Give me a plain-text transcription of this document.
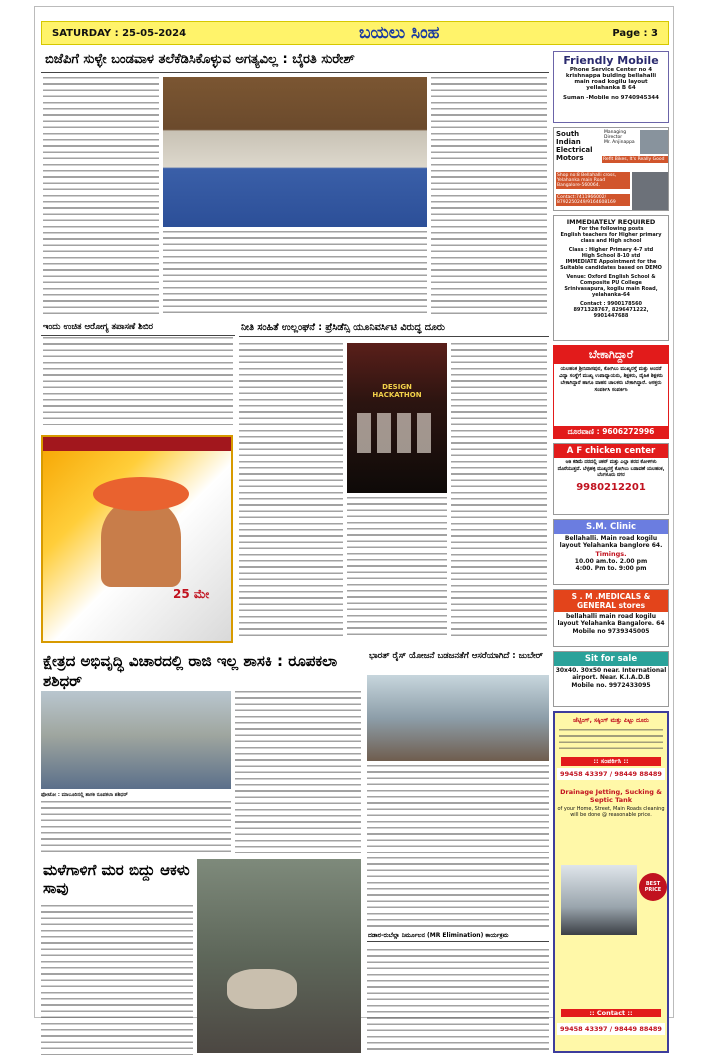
SATURDAY : 25-05-2024	ಬಯಲು ಸಿಂಹ	Page : 3
ಬಿಜೆಪಿಗೆ ಸುಳ್ಳೇ ಬಂಡವಾಳ ತಲೆಕೆಡಿಸಿಕೊಳ್ಳುವ ಅಗತ್ಯವಿಲ್ಲ : ಬೈರತಿ ಸುರೇಶ್
ಇಂದು ಉಚಿತ ಆರೋಗ್ಯ ತಪಾಸಣೆ ಶಿಬಿರ
25 ಮೇ
ನೀತಿ ಸಂಹಿತೆ ಉಲ್ಲಂಘನೆ : ಪ್ರೆಸಿಡೆನ್ಸಿ ಯೂನಿವರ್ಸಿಟಿ ವಿರುದ್ಧ ದೂರು
DESIGN HACKATHON
ಕ್ಷೇತ್ರದ ಅಭಿವೃದ್ಧಿ ವಿಚಾರದಲ್ಲಿ ರಾಜಿ ಇಲ್ಲ ಶಾಸಕಿ : ರೂಪಕಲಾ ಶಶಿಧರ್
ಫೋಟೋ : ಮಾಲೂರಿನಲ್ಲಿ ಶಾಸಕಿ ರೂಪಕಲಾ ಶಶಿಧರ್
ಭಾರತ್ ರೈಸ್ ಯೋಜನೆ ಬಡಜನತೆಗೆ ಆಸರೆಯಾಗಿದೆ : ಜುಬೇರ್
ಮಳೆಗಾಳಿಗೆ ಮರ ಬಿದ್ದು ಆಕಳು ಸಾವು
ದಡಾರ-ರುಬೆಲ್ಲಾ ನಿರ್ಮೂಲನ (MR Elimination) ಕಾರ್ಯಕ್ರಮ
Friendly Mobile
Phone Service Center no 4
krishnappa bulding bellahalli
main road kogilu layout
yellahanka B 64
Suman -Mobile no 9740945344
South Indian Electrical Motors
Managing Director
Mr. Anjinappa
Refit Bikes, It's Really Good
Shop no:8 Bellahalli cross, Yelahanka main Road Bangalore-560064.
Contact:7411966002/ 8792250249/9164608169
IMMEDIATELY REQUIRED
For the following posts
English teachers for Higher primary class and High school
Class : Higher Primary 4-7 std
High School 8-10 std
IMMEDIATE Appointment for the Suitable candidates based on DEMO
Venue: Oxford English School & Composite PU College
Srinivasapura, kogilu main Road, yelahanka-64
Contact : 9900178560
8971328767, 8296471222,
9901447688
ಬೇಕಾಗಿದ್ದಾರೆ
ಯಲಹಂಕ ಶ್ರೀನಿವಾಸಪುರ, ಕೋಗಿಲು ಮುಖ್ಯರಸ್ತೆ ಮತ್ತು ಅಂದರೆ ವಿದ್ಯಾ ಸಂಸ್ಥೆಗೆ ಮುಖ್ಯ ಉಪಾಧ್ಯಾಯರು, ಶಿಕ್ಷಕರು, ದೈಹಿಕ ಶಿಕ್ಷಕರು ಬೇಕಾಗಿದ್ದಾರೆ ಹಾಗೂ ವಾಹನ ಚಾಲಕರು ಬೇಕಾಗಿದ್ದಾರೆ. ಆಸಕ್ತರು ಸಂಪರ್ಕಿಸಿ ಸಂಪರ್ಕಿಸಿ
ದೂರವಾಣಿ : 9606272996
A F chicken center
ಆತಿ ಕಡಿಮೆ ದರದಲ್ಲಿ ಚಿಕನ್ ಮತ್ತು ಎಲ್ಲಾ ತರದ ಕೋಳಿಗಳು ದೊರೆಯುತ್ತವೆ. ಬೆಳ್ಳಹಳ್ಳಿ ಮುಖ್ಯರಸ್ತೆ ಕೋಗಿಲು ಬಡಾವಣೆ ಯಲಹಂಕ, ಬೆಂಗಳೂರು ನಗರ
9980212201
S.M. Clinic
Bellahalli. Main road kogilu layout Yelahanka banglore 64.
Timings.
10.00 am.to. 2.00 pm
4:00. Pm to. 9:00 pm
S . M .MEDICALS & GENERAL stores
bellahalli main road kogilu layout Yelahanka Bangalore. 64
Mobile no 9739345005
Sit for sale
30x40. 30x50 near. International airport. Near. K.I.A.D.B
Mobile no. 9972433095
ಜೆಟ್ಟಿಂಗ್, ಸಕ್ಕಿಂಗ್ ಮತ್ತು ಪಿಟ್ಟು ದೂರು
:: ಸಂಪರ್ಕಿಸಿ ::
99458 43397 / 98449 88489
Drainage Jetting, Sucking & Septic Tank
of your Home, Street, Main Roads cleaning will be done @ reasonable price.
BEST PRICE
:: Contact ::
99458 43397 / 98449 88489
